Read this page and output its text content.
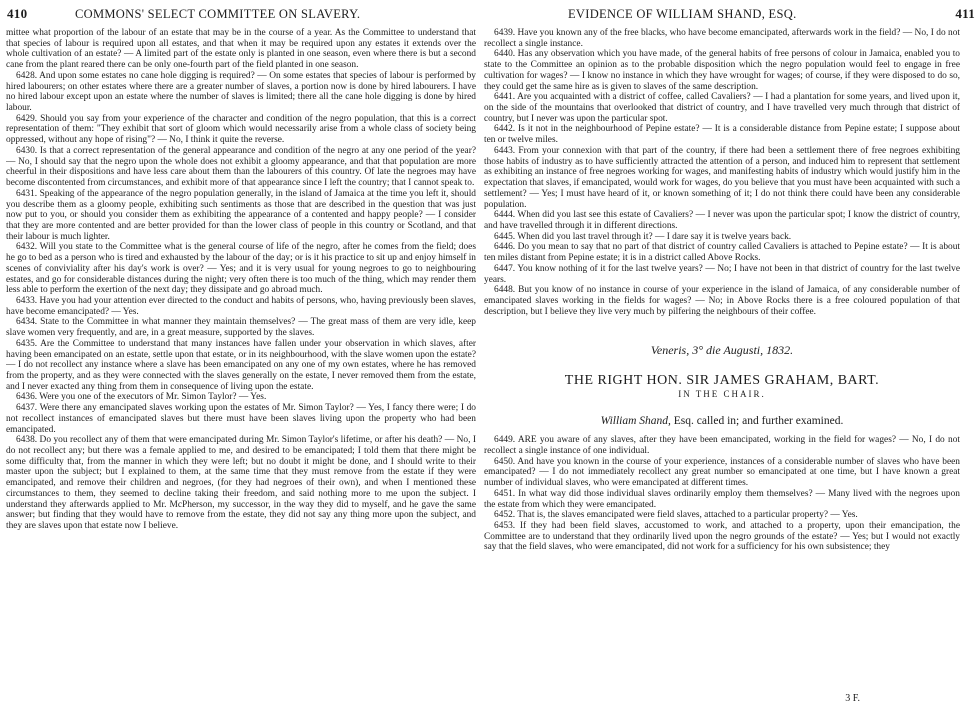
410	COMMONS' SELECT COMMITTEE ON SLAVERY.	EVIDENCE OF WILLIAM SHAND, ESQ.	411

mittee what proportion of the labour of an estate that may be in the course of a year. As the Committee to understand that that species of labour is required upon all estates, and that when it may be required upon any estates it extends over the whole cultivation of an estate? — A limited part of the estate only is planted in one season, even where there is but a second cane from the plant reared there can be only one-fourth part of the field planted in one season.

6428. And upon some estates no cane hole digging is required? — On some estates that species of labour is performed by hired labourers; on other estates where there are a greater number of slaves, a portion now is done by hired labourers. I have no hired labour except upon an estate where the number of slaves is limited; there all the cane hole digging is done by hired labour.

6429. Should you say from your experience of the character and condition of the negro population, that this is a correct representation of them: "They exhibit that sort of gloom which would necessarily arise from a whole class of society being oppressed, without any hope of rising"? — No, I think it quite the reverse.

6430. Is that a correct representation of the general appearance and condition of the negro at any one period of the year? — No, I should say that the negro upon the whole does not exhibit a gloomy appearance, and that that population are more cheerful in their dispositions and have less care about them than the labourers of this country. Of late the negroes may have become discontented from circumstances, and exhibit more of that appearance since I left the country; that I cannot speak to.

6431. Speaking of the appearance of the negro population generally, in the island of Jamaica at the time you left it, should you describe them as a gloomy people, exhibiting such sentiments as those that are described in the question that was just now put to you, or should you consider them as exhibiting the appearance of a contented and happy people? — I consider that they are more contented and are better provided for than the lower class of people in this country or Scotland, and that their labour is much lighter.

6432. Will you state to the Committee what is the general course of life of the negro, after he comes from the field; does he go to bed as a person who is tired and exhausted by the labour of the day; or is it his practice to sit up and enjoy himself in scenes of conviviality after his day's work is over? — Yes; and it is very usual for young negroes to go to neighbouring estates, and go for considerable distances during the night; very often there is too much of the thing, which may render them less able to perform the exertion of the next day; they dissipate and go abroad much.

6433. Have you had your attention ever directed to the conduct and habits of persons, who, having previously been slaves, have become emancipated? — Yes.

6434. State to the Committee in what manner they maintain themselves? — The great mass of them are very idle, keep slave women very frequently, and are, in a great measure, supported by the slaves.

6435. Are the Committee to understand that many instances have fallen under your observation in which slaves, after having been emancipated on an estate, settle upon that estate, or in its neighbourhood, with the slave women upon the estate? — I do not recollect any instance where a slave has been emancipated on any one of my own estates, where he has removed from the property, and as they were connected with the slaves generally on the estate, I never removed them from the estate, and I never exacted any thing from them in consequence of living upon the estate.

6436. Were you one of the executors of Mr. Simon Taylor? — Yes.

6437. Were there any emancipated slaves working upon the estates of Mr. Simon Taylor? — Yes, I fancy there were; I do not recollect instances of emancipated slaves but there must have been slaves living upon the property who had been emancipated.

6438. Do you recollect any of them that were emancipated during Mr. Simon Taylor's lifetime, or after his death? — No, I do not recollect any; but there was a female applied to me, and desired to be emancipated; I told them that there might be some difficulty that, from the manner in which they were left; but no doubt it might be done, and I should write to their master upon the subject; but I explained to them, at the same time that they must remove from the estate if they were emancipated, and remove their children and negroes, (for they had negroes of their own), and when I mentioned these circumstances to them, they seemed to decline taking their freedom, and said nothing more to me upon the subject. I understand they afterwards applied to Mr. McPherson, my successor, in the way they did to myself, and he gave the same answer; but finding that they would have to remove from the estate, they did not say any thing more upon the subject, and they are slaves upon that estate now I believe.

6439. Have you known any of the free blacks, who have become emancipated, afterwards work in the field? — No, I do not recollect a single instance.

6440. Has any observation which you have made, of the general habits of free persons of colour in Jamaica, enabled you to state to the Committee an opinion as to the probable disposition which the negro population would feel to engage in free cultivation for wages? — I know no instance in which they have wrought for wages; of course, if they were disposed to do so, they could get the same hire as is given to slaves of the same description.

6441. Are you acquainted with a district of coffee, called Cavaliers? — I had a plantation for some years, and lived upon it, on the side of the mountains that overlooked that district of country, and I have travelled very much through that district of country, but I never was upon the particular spot.

6442. Is it not in the neighbourhood of Pepine estate? — It is a considerable distance from Pepine estate; I suppose about ten or twelve miles.

6443. From your connexion with that part of the country, if there had been a settlement there of free negroes exhibiting those habits of industry as to have sufficiently attracted the attention of a person, and induced him to represent that settlement as exhibiting an instance of free negroes working for wages, and manifesting habits of industry which would justify him in the expectation that slaves, if emancipated, would work for wages, do you believe that you must have been acquainted with such a settlement? — Yes; I must have heard of it, or known something of it; I do not think there could have been any considerable population.

6444. When did you last see this estate of Cavaliers? — I never was upon the particular spot; I know the district of country, and have travelled through it in different directions.

6445. When did you last travel through it? — I dare say it is twelve years back.

6446. Do you mean to say that no part of that district of country called Cavaliers is attached to Pepine estate? — It is about ten miles distant from Pepine estate; it is in a district called Above Rocks.

6447. You know nothing of it for the last twelve years? — No; I have not been in that district of country for the last twelve years.

6448. But you know of no instance in course of your experience in the island of Jamaica, of any considerable number of emancipated slaves working in the fields for wages? — No; in Above Rocks there is a free coloured population of that description, but I believe they live very much by pilfering the neighbours of their coffee.

Veneris, 3° die Augusti, 1832.
THE RIGHT HON. SIR JAMES GRAHAM, BART.
IN THE CHAIR.
William Shand, Esq. called in; and further examined.

6449. ARE you aware of any slaves, after they have been emancipated, working in the field for wages? — No, I do not recollect a single instance of one individual.

6450. And have you known in the course of your experience, instances of a considerable number of slaves who have been emancipated? — I do not immediately recollect any great number so emancipated at one time, but I have known a great number of individual slaves, who were emancipated at different times.

6451. In what way did those individual slaves ordinarily employ them themselves? — Many lived with the negroes upon the estate from which they were emancipated.

6452. That is, the slaves emancipated were field slaves, attached to a particular property? — Yes.

6453. If they had been field slaves, accustomed to work, and attached to a property, upon their emancipation, the Committee are to understand that they ordinarily lived upon the negro grounds of the estate? — Yes; but I would not exactly say that the field slaves, who were emancipated, did not work for a sufficiency for his own subsistence; they

3 F.
